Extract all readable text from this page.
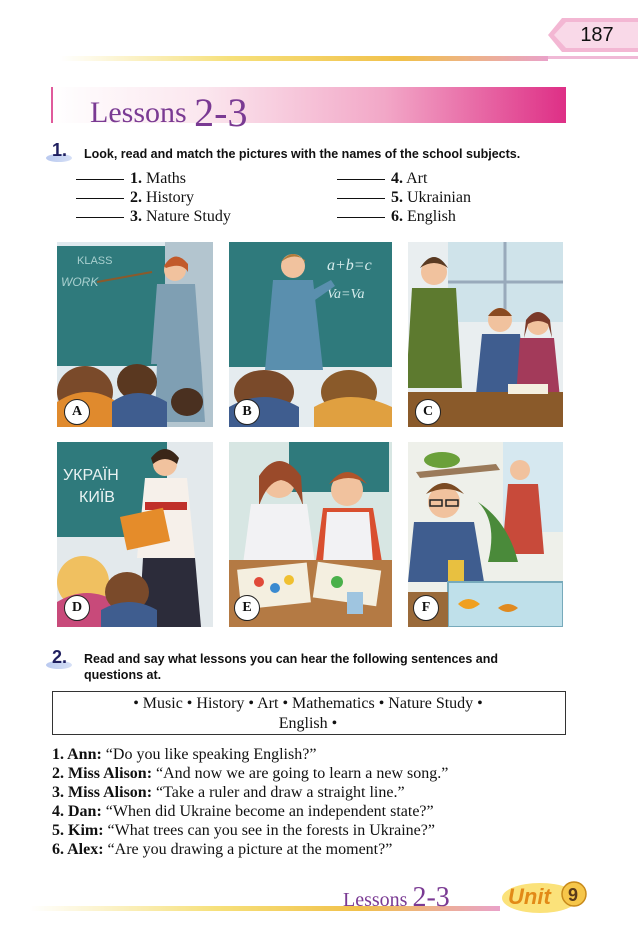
187
Lessons 2-3
1. Look, read and match the pictures with the names of the school subjects.
1. Maths
2. History
3. Nature Study
4. Art
5. Ukrainian
6. English
KLASS
WORK
A
a+b=c
Va=Va
B	C
УКРАЇН
КИЇВ
D	E	F
2. Read and say what lessons you can hear the following sentences and
questions at.
• Music • History • Art • Mathematics • Nature Study •
English •
1. Ann: “Do you like speaking English?”
2. Miss Alison: “And now we are going to learn a new song.”
3. Miss Alison: “Take a ruler and draw a straight line.”
4. Dan: “When did Ukraine become an independent state?”
5. Kim: “What trees can you see in the forests in Ukraine?”
6. Alex: “Are you drawing a picture at the moment?”
Lessons 2-3	9
Unit
